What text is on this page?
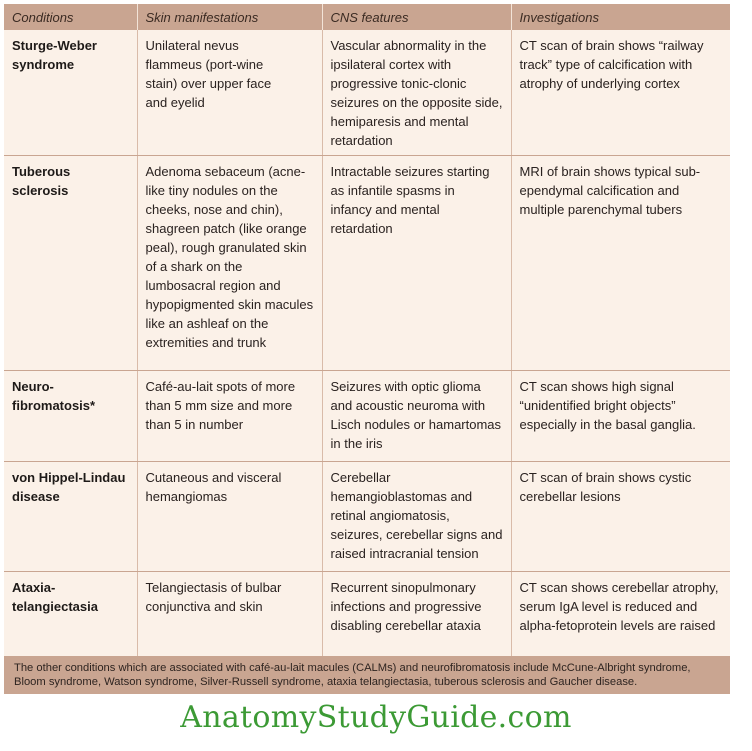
Conditions	Skin manifestations	CNS features	Investigations
Sturge-Weber syndrome	Unilateral nevus flammeus (port-wine stain) over upper face and eyelid	Vascular abnormality in the ipsilateral cortex with progressive tonic-clonic seizures on the opposite side, hemiparesis and mental retardation	CT scan of brain shows “railway track” type of calcification with atrophy of underlying cortex
Tuberous sclerosis	Adenoma sebaceum (acne-like tiny nodules on the cheeks, nose and chin), shagreen patch (like orange peal), rough granulated skin of a shark on the lumbosacral region and hypopigmented skin macules like an ashleaf on the extremities and trunk	Intractable seizures starting as infantile spasms in infancy and mental retardation	MRI of brain shows typical sub-ependymal calcification and multiple parenchymal tubers
Neuro-fibromatosis*	Café-au-lait spots of more than 5 mm size and more than 5 in number	Seizures with optic glioma and acoustic neuroma with Lisch nodules or hamartomas in the iris	CT scan shows high signal “unidentified bright objects” especially in the basal ganglia.
von Hippel-Lindau disease	Cutaneous and visceral hemangiomas	Cerebellar hemangioblastomas and retinal angiomatosis, seizures, cerebellar signs and raised intracranial tension	CT scan of brain shows cystic cerebellar lesions
Ataxia-telangiectasia	Telangiectasis of bulbar conjunctiva and skin	Recurrent sinopulmonary infections and progressive disabling cerebellar ataxia	CT scan shows cerebellar atrophy, serum IgA level is reduced and alpha-fetoprotein levels are raised
The other conditions which are associated with café-au-lait macules (CALMs) and neurofibromatosis include McCune-Albright syndrome, Bloom syndrome, Watson syndrome, Silver-Russell syndrome, ataxia telangiectasia, tuberous sclerosis and Gaucher disease.
AnatomyStudyGuide.com
